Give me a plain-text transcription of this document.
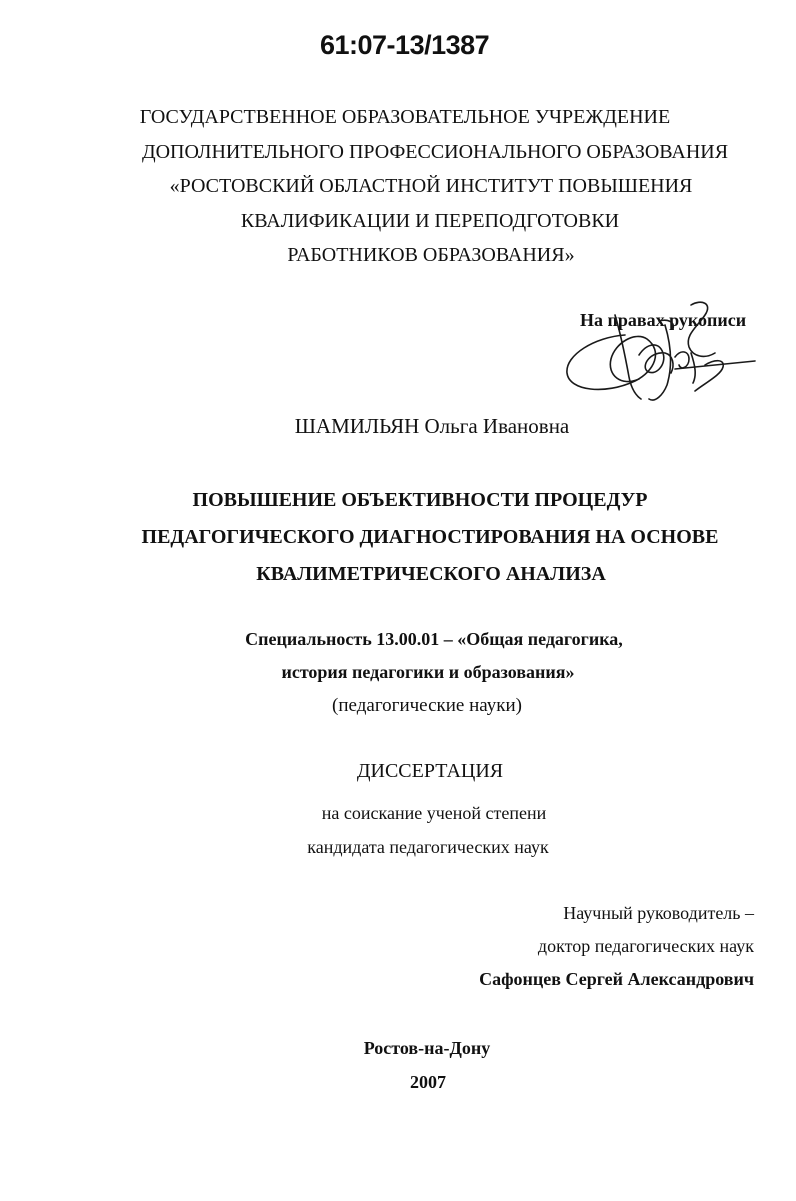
61:07-13/1387
ГОСУДАРСТВЕННОЕ ОБРАЗОВАТЕЛЬНОЕ УЧРЕЖДЕНИЕ
ДОПОЛНИТЕЛЬНОГО ПРОФЕССИОНАЛЬНОГО ОБРАЗОВАНИЯ
«РОСТОВСКИЙ ОБЛАСТНОЙ ИНСТИТУТ ПОВЫШЕНИЯ
КВАЛИФИКАЦИИ И ПЕРЕПОДГОТОВКИ
РАБОТНИКОВ ОБРАЗОВАНИЯ»
На правах рукописи
ШАМИЛЬЯН Ольга Ивановна
ПОВЫШЕНИЕ ОБЪЕКТИВНОСТИ ПРОЦЕДУР
ПЕДАГОГИЧЕСКОГО ДИАГНОСТИРОВАНИЯ НА ОСНОВЕ
КВАЛИМЕТРИЧЕСКОГО АНАЛИЗА
Специальность 13.00.01 – «Общая педагогика,
история педагогики и образования»
(педагогические науки)
ДИССЕРТАЦИЯ
на соискание ученой степени
кандидата педагогических наук
Научный руководитель –
доктор педагогических наук
Сафонцев Сергей Александрович
Ростов-на-Дону
2007
